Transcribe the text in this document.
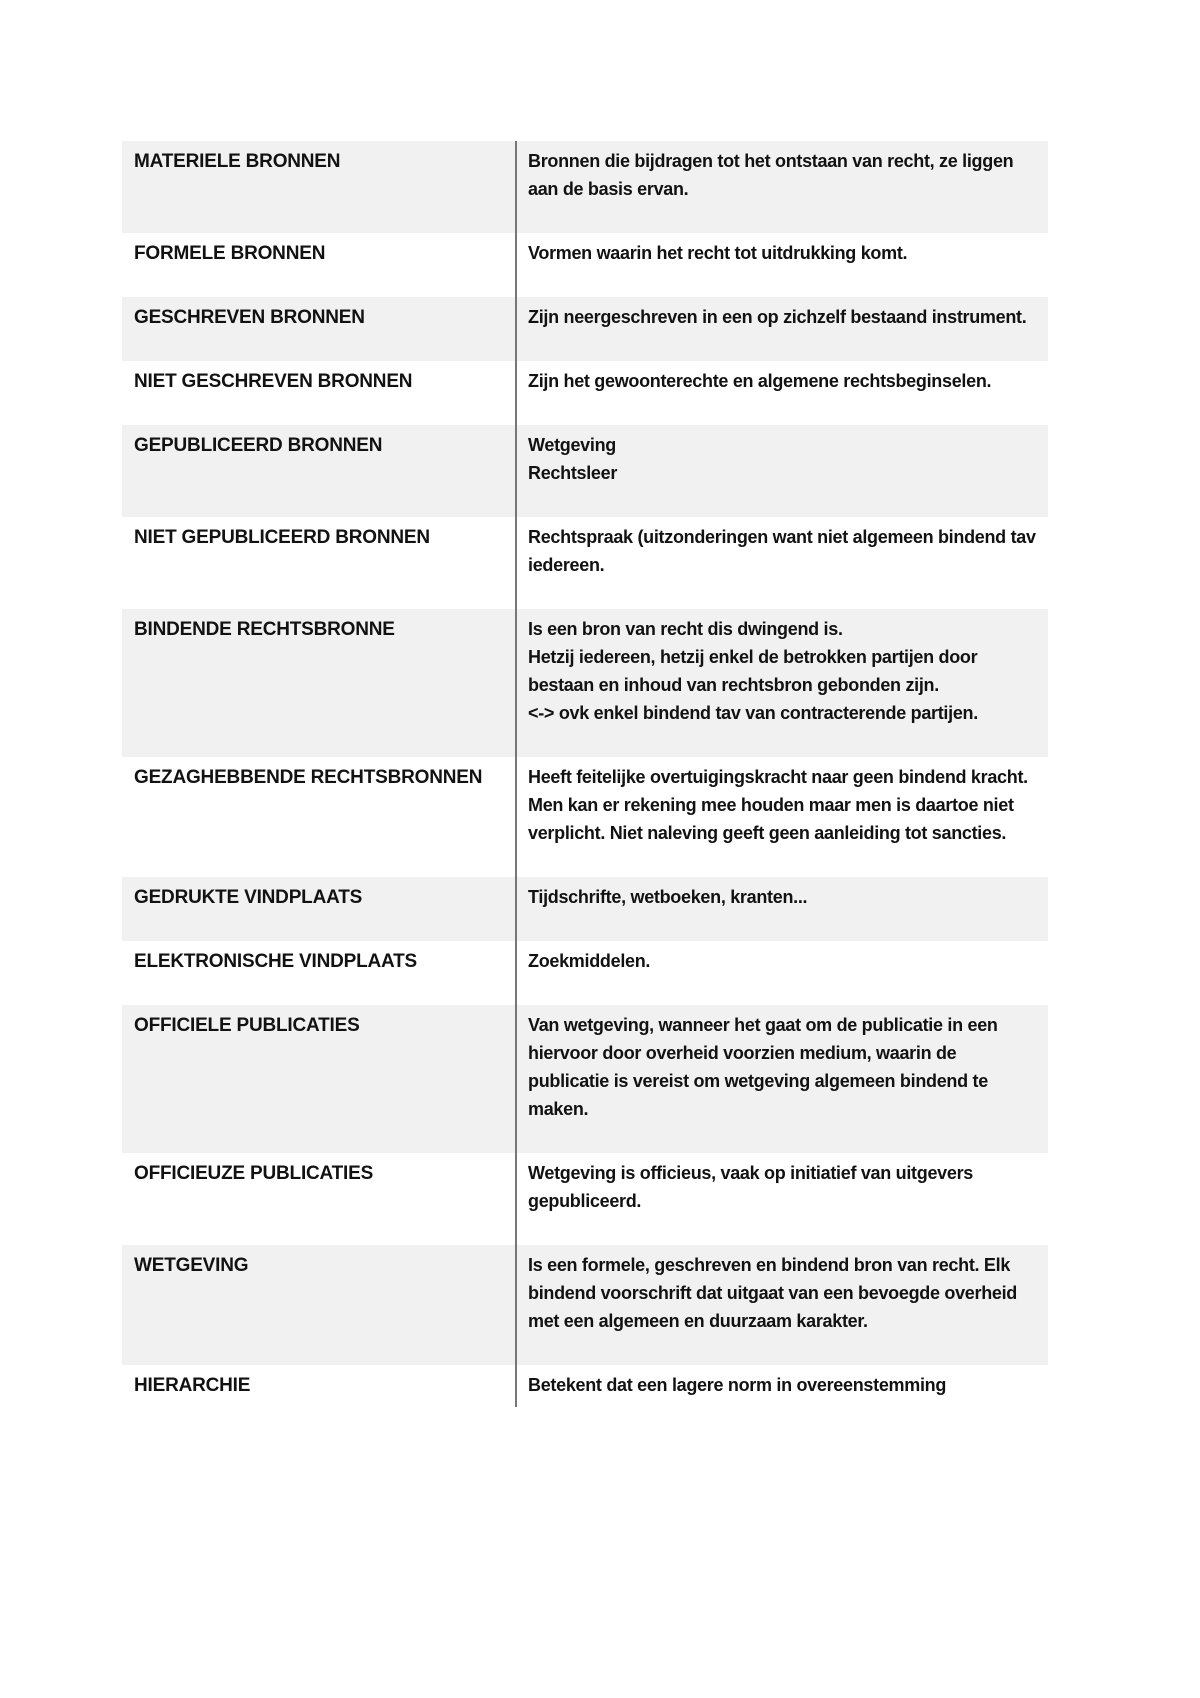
MATERIELE BRONNEN	Bronnen die bijdragen tot het ontstaan van recht, ze liggen aan de basis ervan.
FORMELE BRONNEN	Vormen waarin het recht tot uitdrukking komt.
GESCHREVEN BRONNEN	Zijn neergeschreven in een op zichzelf bestaand instrument.
NIET GESCHREVEN BRONNEN	Zijn het gewoonterechte en algemene rechtsbeginselen.
GEPUBLICEERD BRONNEN	Wetgeving
Rechtsleer
NIET GEPUBLICEERD BRONNEN	Rechtspraak (uitzonderingen want niet algemeen bindend tav iedereen.
BINDENDE RECHTSBRONNE	Is een bron van recht dis dwingend is.
Hetzij iedereen, hetzij enkel de betrokken partijen door bestaan en inhoud van rechtsbron gebonden zijn.
<-> ovk enkel bindend tav van contracterende partijen.
GEZAGHEBBENDE RECHTSBRONNEN	Heeft feitelijke overtuigingskracht naar geen bindend kracht. Men kan er rekening mee houden maar men is daartoe niet verplicht. Niet naleving geeft geen aanleiding tot sancties.
GEDRUKTE VINDPLAATS	Tijdschrifte, wetboeken, kranten...
ELEKTRONISCHE VINDPLAATS	Zoekmiddelen.
OFFICIELE PUBLICATIES	Van wetgeving, wanneer het gaat om de publicatie in een hiervoor door overheid voorzien medium, waarin de publicatie is vereist om wetgeving algemeen bindend te maken.
OFFICIEUZE PUBLICATIES	Wetgeving is officieus, vaak op initiatief van uitgevers gepubliceerd.
WETGEVING	Is een formele, geschreven en bindend bron van recht. Elk bindend voorschrift dat uitgaat van een bevoegde overheid met een algemeen en duurzaam karakter.
HIERARCHIE	Betekent dat een lagere norm in overeenstemming
